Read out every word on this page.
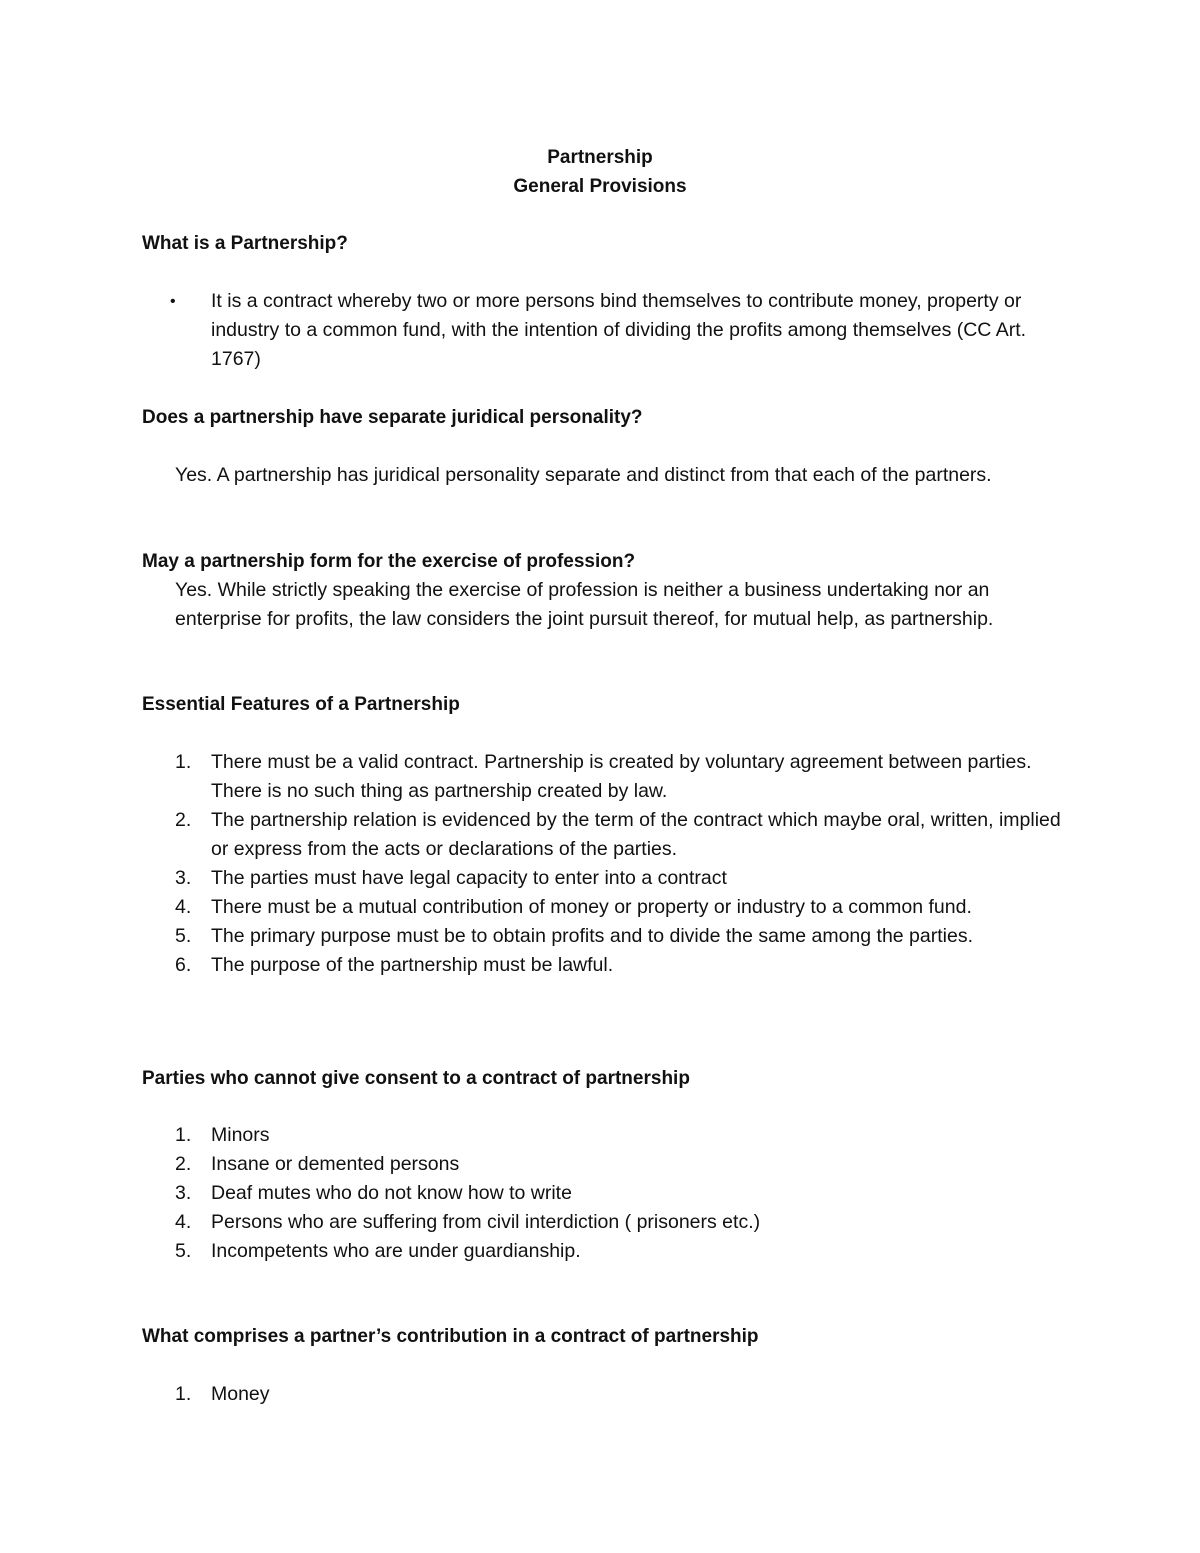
Partnership
General Provisions
What is a Partnership?
• It is a contract whereby two or more persons bind themselves to contribute money, property or industry to a common fund, with the intention of dividing the profits among themselves (CC Art. 1767)
Does a partnership have separate juridical personality?
Yes. A partnership has juridical personality separate and distinct from that each of the partners.
May a partnership form for the exercise of profession?
Yes. While strictly speaking the exercise of profession is neither a business undertaking nor an enterprise for profits, the law considers the joint pursuit thereof, for mutual help, as partnership.
Essential Features of a Partnership
1. There must be a valid contract. Partnership is created by voluntary agreement between parties. There is no such thing as partnership created by law.
2. The partnership relation is evidenced by the term of the contract which maybe oral, written, implied or express from the acts or declarations of the parties.
3. The parties must have legal capacity to enter into a contract
4. There must be a mutual contribution of money or property or industry to a common fund.
5. The primary purpose must be to obtain profits and to divide the same among the parties.
6. The purpose of the partnership must be lawful.
Parties who cannot give consent to a contract of partnership
1. Minors
2. Insane or demented persons
3. Deaf mutes who do not know how to write
4. Persons who are suffering from civil interdiction ( prisoners etc.)
5. Incompetents who are under guardianship.
What comprises a partner’s contribution in a contract of partnership
1. Money
